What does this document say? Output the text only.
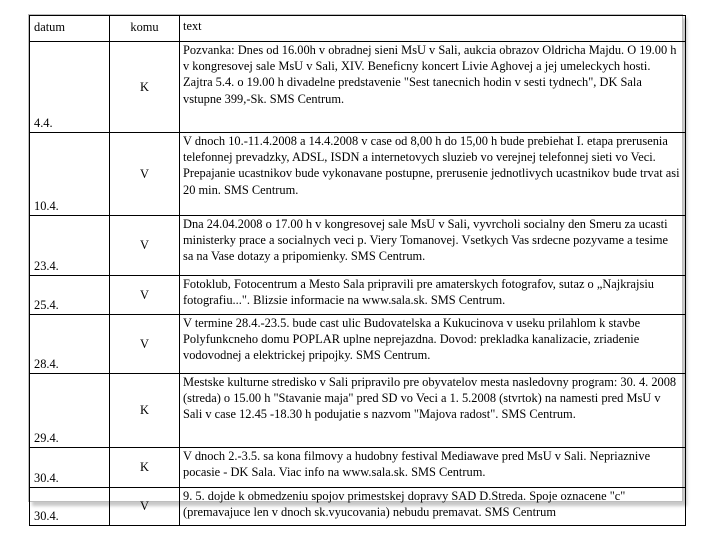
datum	komu	text
4.4.	K	Pozvanka: Dnes od 16.00h v obradnej sieni MsU v Sali, aukcia obrazov Oldricha Majdu. O 19.00 h v kongresovej sale MsU v Sali, XIV. Beneficny koncert Livie Aghovej a jej umeleckych hosti. Zajtra 5.4. o 19.00 h divadelne predstavenie "Sest tanecnich hodin v sesti tydnech", DK Sala vstupne 399,-Sk. SMS Centrum.
10.4.	V	V dnoch 10.-11.4.2008 a 14.4.2008 v case od 8,00 h do 15,00 h bude prebiehat I. etapa prerusenia telefonnej prevadzky, ADSL, ISDN a internetovych sluzieb vo verejnej telefonnej sieti vo Veci. Prepajanie ucastnikov bude vykonavane postupne, prerusenie jednotlivych ucastnikov bude trvat asi 20 min. SMS Centrum.
23.4.	V	Dna 24.04.2008 o 17.00 h v kongresovej sale MsU v Sali, vyvrcholi socialny den Smeru za ucasti ministerky prace a socialnych veci p. Viery Tomanovej. Vsetkych Vas srdecne pozyvame a tesime sa na Vase dotazy a pripomienky. SMS Centrum.
25.4.	V	Fotoklub, Fotocentrum a Mesto Sala pripravili pre amaterskych fotografov, sutaz o „Najkrajsiu fotografiu...". Blizsie informacie na www.sala.sk. SMS Centrum.
28.4.	V	V termine 28.4.-23.5. bude cast ulic Budovatelska a Kukucinova v useku prilahlom k stavbe Polyfunkcneho domu POPLAR uplne neprejazdna. Dovod: prekladka kanalizacie, zriadenie vodovodnej a elektrickej pripojky. SMS Centrum.
29.4.	K	Mestske kulturne stredisko v Sali pripravilo pre obyvatelov mesta nasledovny program: 30. 4. 2008 (streda) o 15.00 h "Stavanie maja" pred SD vo Veci a 1. 5.2008 (stvrtok) na namesti pred MsU v Sali v case 12.45 -18.30 h podujatie s nazvom "Majova radost". SMS Centrum.
30.4.	K	V dnoch 2.-3.5. sa kona filmovy a hudobny festival Mediawave pred MsU v Sali. Nepriaznive pocasie - DK Sala. Viac info na www.sala.sk. SMS Centrum.
30.4.	V	9. 5. dojde k obmedzeniu spojov primestskej dopravy SAD D.Streda. Spoje oznacene "c" (premavajuce len v dnoch sk.vyucovania) nebudu premavat. SMS Centrum
